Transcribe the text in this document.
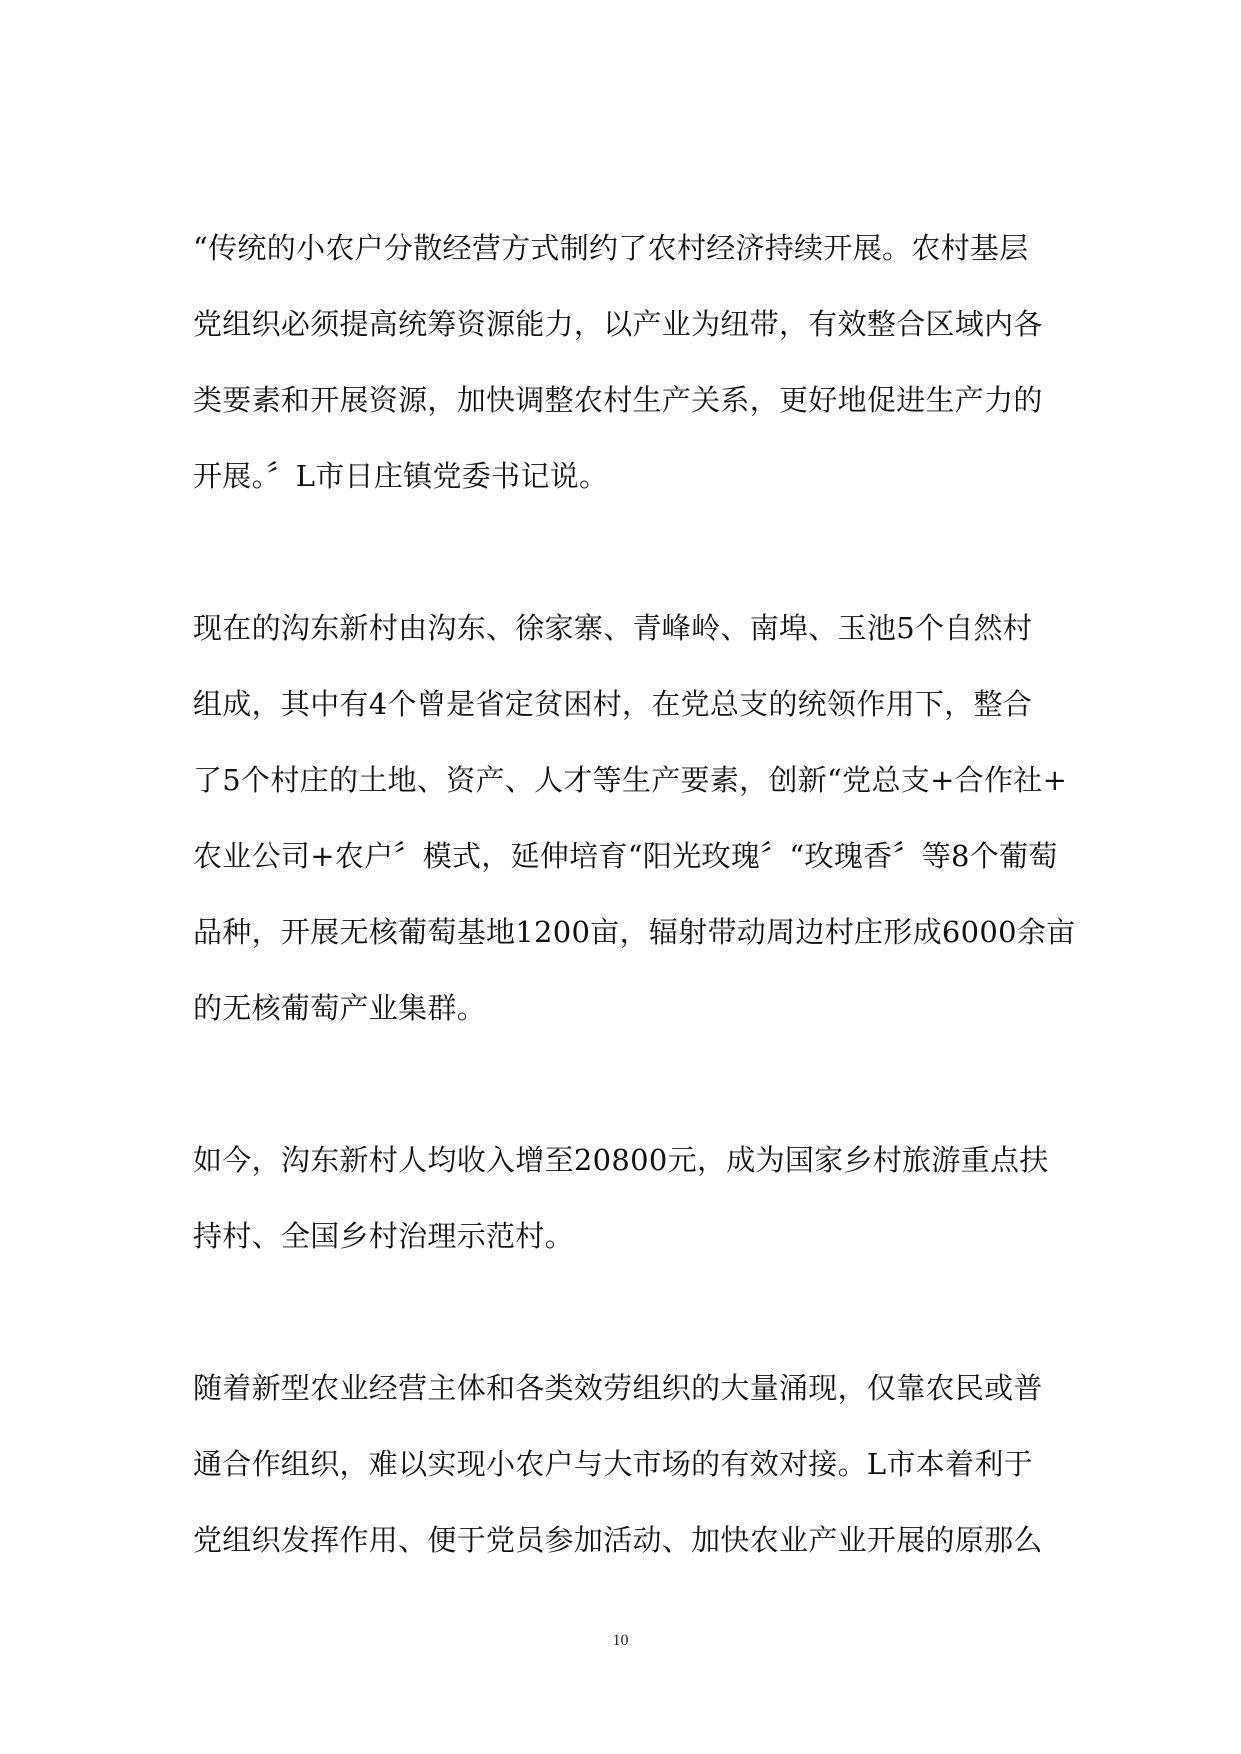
“传统的小农户分散经营方式制约了农村经济持续开展。农村基层
党组织必须提高统筹资源能力，以产业为纽带，有效整合区域内各
类要素和开展资源，加快调整农村生产关系，更好地促进生产力的
开展。〞L市日庄镇党委书记说。
现在的沟东新村由沟东、徐家寨、青峰岭、南埠、玉池5个自然村
组成，其中有4个曾是省定贫困村，在党总支的统领作用下，整合
了5个村庄的土地、资产、人才等生产要素，创新“党总支+合作社+
农业公司+农户〞模式，延伸培育“阳光玫瑰〞“玫瑰香〞等8个葡萄
品种，开展无核葡萄基地1200亩，辐射带动周边村庄形成6000余亩
的无核葡萄产业集群。
如今，沟东新村人均收入增至20800元，成为国家乡村旅游重点扶
持村、全国乡村治理示范村。
随着新型农业经营主体和各类效劳组织的大量涌现，仅靠农民或普
通合作组织，难以实现小农户与大市场的有效对接。L市本着利于
党组织发挥作用、便于党员参加活动、加快农业产业开展的原那么
10
